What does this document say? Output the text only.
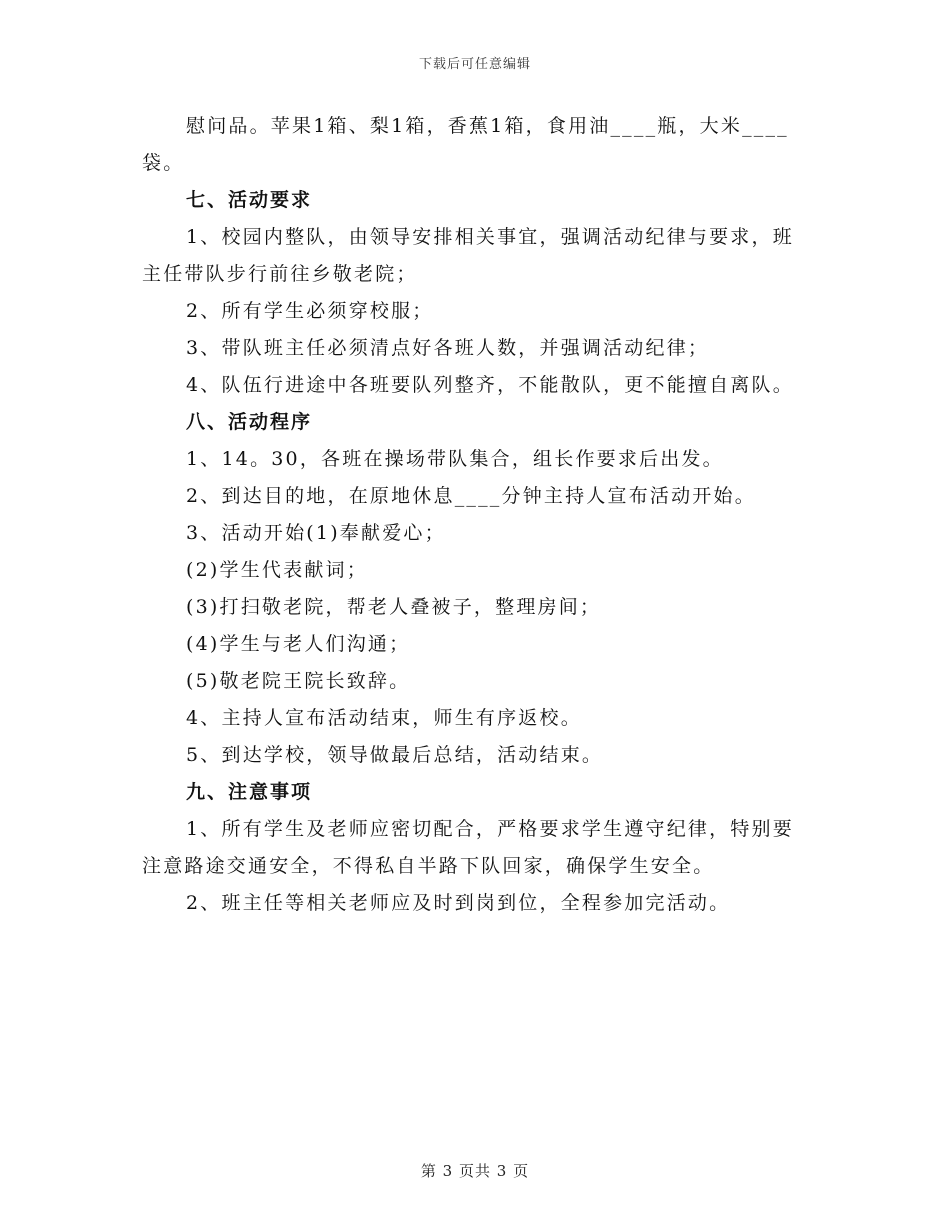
下载后可任意编辑

慰问品。苹果1箱、梨1箱，香蕉1箱，食用油____瓶，大米____袋。

七、活动要求

1、校园内整队，由领导安排相关事宜，强调活动纪律与要求，班主任带队步行前往乡敬老院；

2、所有学生必须穿校服；

3、带队班主任必须清点好各班人数，并强调活动纪律；

4、队伍行进途中各班要队列整齐，不能散队，更不能擅自离队。

八、活动程序

1、14。30，各班在操场带队集合，组长作要求后出发。

2、到达目的地，在原地休息____分钟主持人宣布活动开始。

3、活动开始(1)奉献爱心；

(2)学生代表献词；

(3)打扫敬老院，帮老人叠被子，整理房间；

(4)学生与老人们沟通；

(5)敬老院王院长致辞。

4、主持人宣布活动结束，师生有序返校。

5、到达学校，领导做最后总结，活动结束。

九、注意事项

1、所有学生及老师应密切配合，严格要求学生遵守纪律，特别要注意路途交通安全，不得私自半路下队回家，确保学生安全。

2、班主任等相关老师应及时到岗到位，全程参加完活动。

第 3 页共 3 页
